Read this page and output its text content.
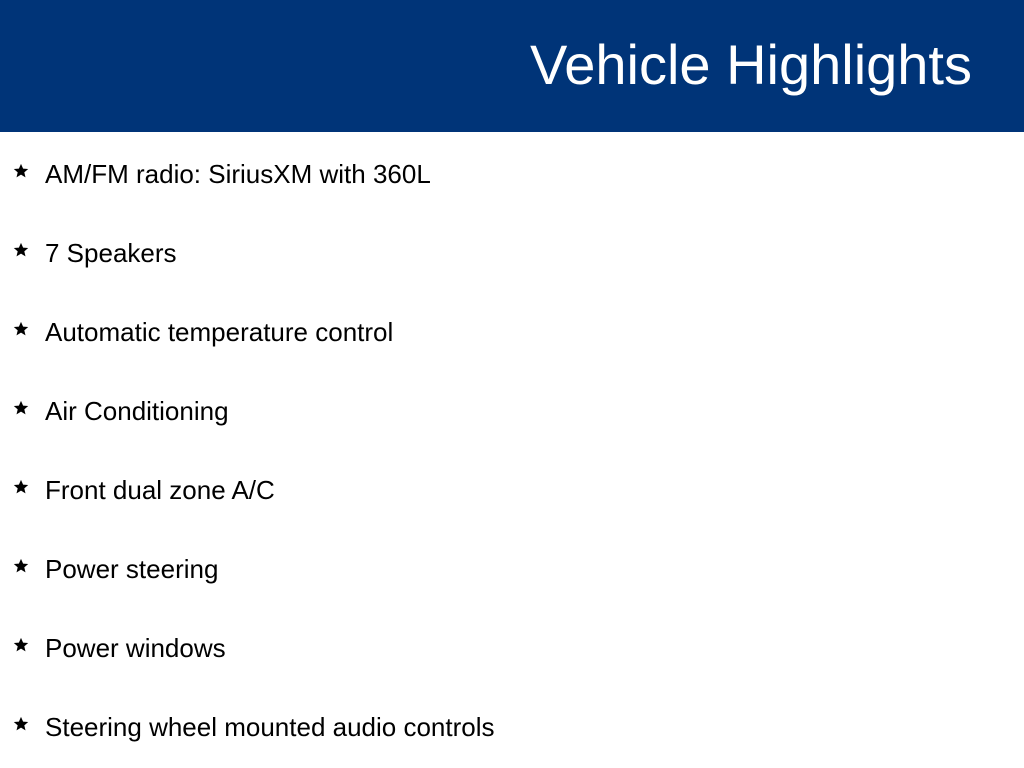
Vehicle Highlights
AM/FM radio: SiriusXM with 360L
7 Speakers
Automatic temperature control
Air Conditioning
Front dual zone A/C
Power steering
Power windows
Steering wheel mounted audio controls
